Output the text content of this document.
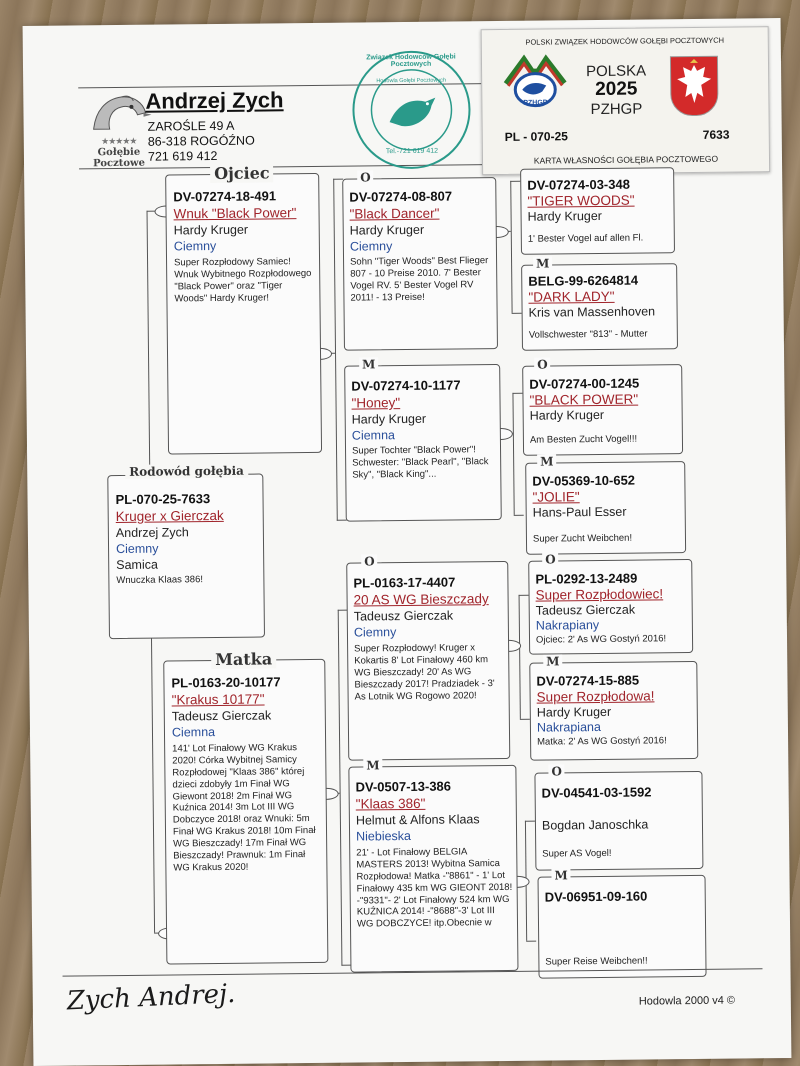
★★★★★
Gołębie
Pocztowe
Andrzej Zych
ZAROŚLE 49 A
86-318 ROGÓŹNO
721 619 412
Związek Hodowców Gołębi Pocztowych
Hodowla Gołębi Pocztowych
Tel.-721 619 412
POLSKI ZWIĄZEK HODOWCÓW GOŁĘBI POCZTOWYCH
PZHGP
POLSKA
2025
PZHGP
PL - 070-25	7633
KARTA WŁASNOŚCI GOŁĘBIA POCZTOWEGO
Rodowód gołębia
PL-070-25-7633
Kruger x Gierczak
Andrzej Zych
Ciemny
Samica
Wnuczka Klaas 386!
Ojciec
DV-07274-18-491
Wnuk "Black Power"
Hardy Kruger
Ciemny
Super Rozpłodowy Samiec! Wnuk Wybitnego Rozpłodowego "Black Power" oraz "Tiger Woods" Hardy Kruger!
Matka
PL-0163-20-10177
"Krakus 10177"
Tadeusz Gierczak
Ciemna
141' Lot Finałowy WG Krakus 2020! Córka Wybitnej Samicy Rozpłodowej "Klaas 386" której dzieci zdobyły 1m Finał WG Giewont 2018! 2m Finał WG Kuźnica 2014! 3m Lot III WG Dobczyce 2018! oraz Wnuki: 5m Finał WG Krakus 2018! 10m Finał WG Bieszczady! 17m Finał WG Bieszczady! Prawnuk: 1m Finał WG Krakus 2020!
O
DV-07274-08-807
"Black Dancer"
Hardy Kruger
Ciemny
Sohn "Tiger Woods" Best Flieger 807 - 10 Preise 2010. 7' Bester Vogel RV. 5' Bester Vogel RV 2011! - 13 Preise!
M
DV-07274-10-1177
"Honey"
Hardy Kruger
Ciemna
Super Tochter "Black Power"! Schwester: "Black Pearl", "Black Sky", "Black King"...
O
PL-0163-17-4407
20 AS WG Bieszczady
Tadeusz Gierczak
Ciemny
Super Rozpłodowy! Kruger x Kokartis 8' Lot Finałowy 460 km WG Bieszczady! 20' As WG Bieszczady 2017! Pradziadek - 3' As Lotnik WG Rogowo 2020!
M
DV-0507-13-386
"Klaas 386"
Helmut & Alfons Klaas
Niebieska
21' - Lot Finałowy BELGIA MASTERS 2013! Wybitna Samica Rozpłodowa! Matka -"8861" - 1' Lot Finałowy 435 km WG GIEONT 2018! -"9331"- 2' Lot Finałowy 524 km WG KUŹNICA 2014! -"8688"-3' Lot III WG DOBCZYCE! itp.Obecnie w
DV-07274-03-348
"TIGER WOODS"
Hardy Kruger
1' Bester Vogel auf allen Fl.
M
BELG-99-6264814
"DARK LADY"
Kris van Massenhoven
Vollschwester "813" - Mutter
O
DV-07274-00-1245
"BLACK POWER"
Hardy Kruger
Am Besten Zucht Vogel!!!
M
DV-05369-10-652
"JOLIE"
Hans-Paul Esser
Super Zucht Weibchen!
O
PL-0292-13-2489
Super Rozpłodowiec!
Tadeusz Gierczak
Nakrapiany
Ojciec: 2' As WG Gostyń 2016!
M
DV-07274-15-885
Super Rozpłodowa!
Hardy Kruger
Nakrapiana
Matka: 2' As WG Gostyń 2016!
O
DV-04541-03-1592
Bogdan Janoschka
Super AS Vogel!
M
DV-06951-09-160
Super Reise Weibchen!!
Zych Andrej.	Hodowla 2000 v4 ©
